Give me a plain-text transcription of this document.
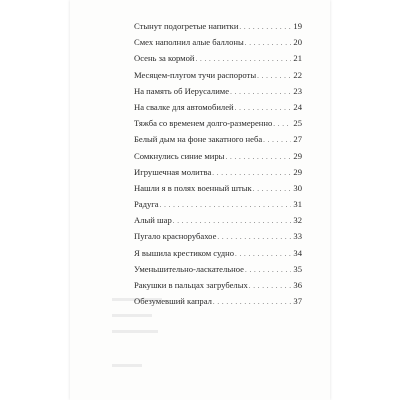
Стынут подогретые напитки . . .	19
Смех наполнил алые баллоны . . .	20
Осень за кормой . . .	21
Месяцем-плугом тучи распороты . . .	22
На память об Иерусалиме . . .	23
На свалке для автомобилей . . .	24
Тяжба со временем долго-размеренно . . . 25
Белый дым на фоне закатного неба . . .	27
Сомкнулись синие миры . . .	29
Игрушечная молитва . . .	29
Нашли я в полях военный штык . . .	30
Радуга . . .	31
Алый шар . . .	32
Пугало краснорубахое . . .	33
Я вышила крестиком судно . . .	34
Уменьшительно-ласкательное . . .	35
Ракушки в пальцах загрубелых . . .	36
Обезумевший капрал . . .	37
